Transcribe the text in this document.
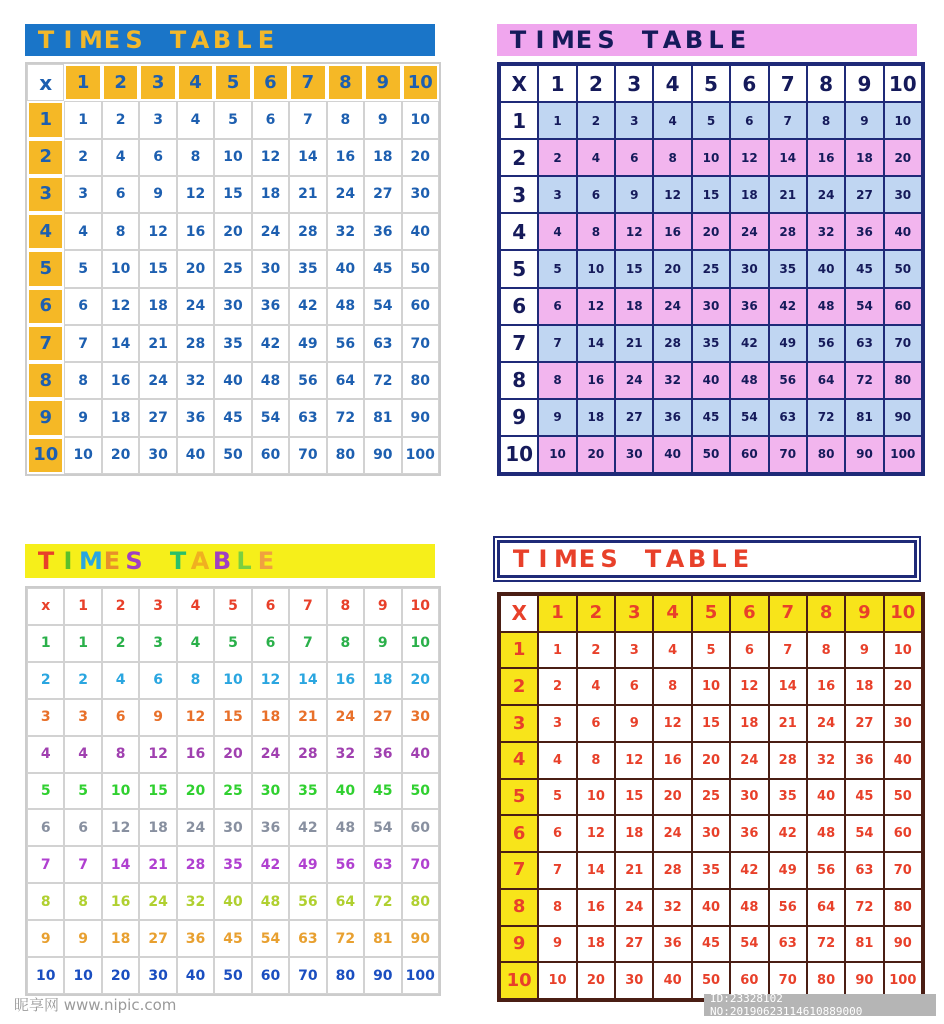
T I M E S T A B L E
x	1	2	3	4	5	6	7	8	9	10
1	1	2	3	4	5	6	7	8	9	10
2	2	4	6	8	10	12	14	16	18	20
3	3	6	9	12	15	18	21	24	27	30
4	4	8	12	16	20	24	28	32	36	40
5	5	10	15	20	25	30	35	40	45	50
6	6	12	18	24	30	36	42	48	54	60
7	7	14	21	28	35	42	49	56	63	70
8	8	16	24	32	40	48	56	64	72	80
9	9	18	27	36	45	54	63	72	81	90
10	10	20	30	40	50	60	70	80	90 100
T I M E S T A B L E
X	1	2	3	4	5	6	7	8	9 10
1	1	2	3	4	5	6	7	8	9	10
2	2	4	6	8	10	12	14	16	18	20
3	3	6	9	12	15	18	21	24	27	30
4	4	8	12	16	20	24	28	32	36	40
5	5	10	15	20	25	30	35	40	45	50
6	6	12	18	24	30	36	42	48	54	60
7	7	14	21	28	35	42	49	56	63	70
8	8	16	24	32	40	48	56	64	72	80
9	9	18	27	36	45	54	63	72	81	90
10	10	20	30	40	50	60	70	80	90	100
T I M E S T A B L E
x	1	2	3	4	5	6	7	8	9	10
1	1	2	3	4	5	6	7	8	9	10
2	2	4	6	8	10	12	14	16	18	20
3	3	6	9	12	15	18	21	24	27	30
4	4	8	12	16	20	24	28	32	36	40
5	5	10	15	20	25	30	35	40	45	50
6	6	12	18	24	30	36	42	48	54	60
7	7	14	21	28	35	42	49	56	63	70
8	8	16	24	32	40	48	56	64	72	80
9	9	18	27	36	45	54	63	72	81	90
10	10	20	30	40	50	60	70	80	90 100
T I M E S T A B L E
X	1	2	3	4	5	6	7	8	9	10
1	1	2	3	4	5	6	7	8	9	10
2	2	4	6	8	10	12	14	16	18	20
3	3	6	9	12	15	18	21	24	27	30
4	4	8	12	16	20	24	28	32	36	40
5	5	10	15	20	25	30	35	40	45	50
6	6	12	18	24	30	36	42	48	54	60
7	7	14	21	28	35	42	49	56	63	70
8	8	16	24	32	40	48	56	64	72	80
9	9	18	27	36	45	54	63	72	81	90
10	10	20	30	40	50	60	70	80	90	100
昵享网 www.nipic.com	ID:23328102 NO:20190623114610889000
